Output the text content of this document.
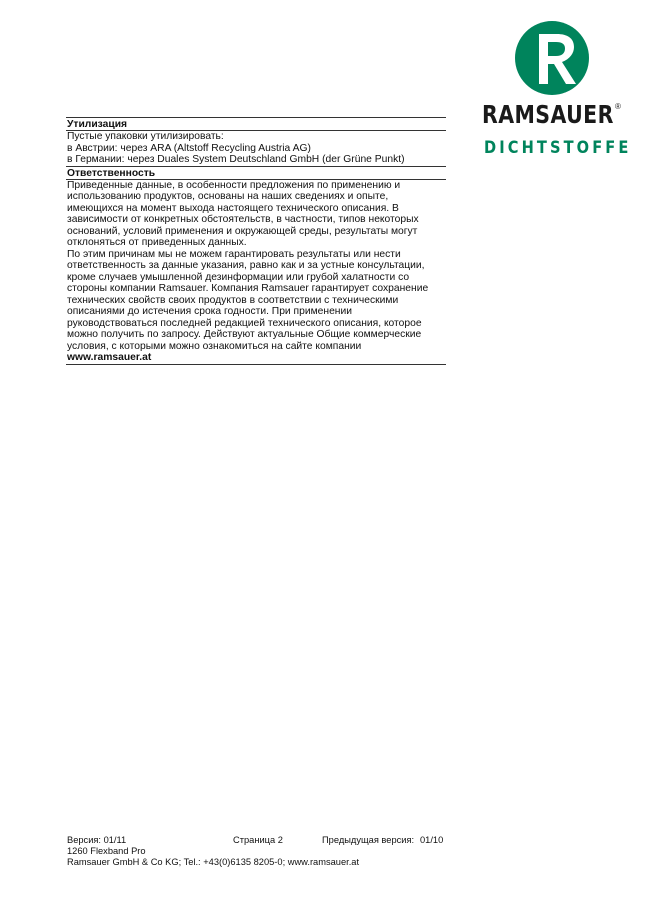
RAMSAUER ®
DICHTSTOFFE
Утилизация
Пустые упаковки утилизировать:
в Австрии: через ARA (Altstoff Recycling Austria AG)
в Германии: через Duales System Deutschland GmbH (der Grüne Punkt)
Ответственность
Приведенные данные, в особенности предложения по применению и
использованию продуктов, основаны на наших сведениях и опыте,
имеющихся на момент выхода настоящего технического описания. В
зависимости от конкретных обстоятельств, в частности, типов некоторых
оснований, условий применения и окружающей среды, результаты могут
отклоняться от приведенных данных.
По этим причинам мы не можем гарантировать результаты или нести
ответственность за данные указания, равно как и за устные консультации,
кроме случаев умышленной дезинформации или грубой халатности со
стороны компании Ramsauer. Компания Ramsauer гарантирует сохранение
технических свойств своих продуктов в соответствии с техническими
описаниями до истечения срока годности. При применении
руководствоваться последней редакцией технического описания, которое
можно получить по запросу. Действуют актуальные Общие коммерческие
условия, с которыми можно ознакомиться на сайте компании
www.ramsauer.at
Версия: 01/11	Страница 2	Предыдущая версия: 01/10
1260 Flexband Pro
Ramsauer GmbH & Co KG; Tel.: +43(0)6135 8205-0; www.ramsauer.at
